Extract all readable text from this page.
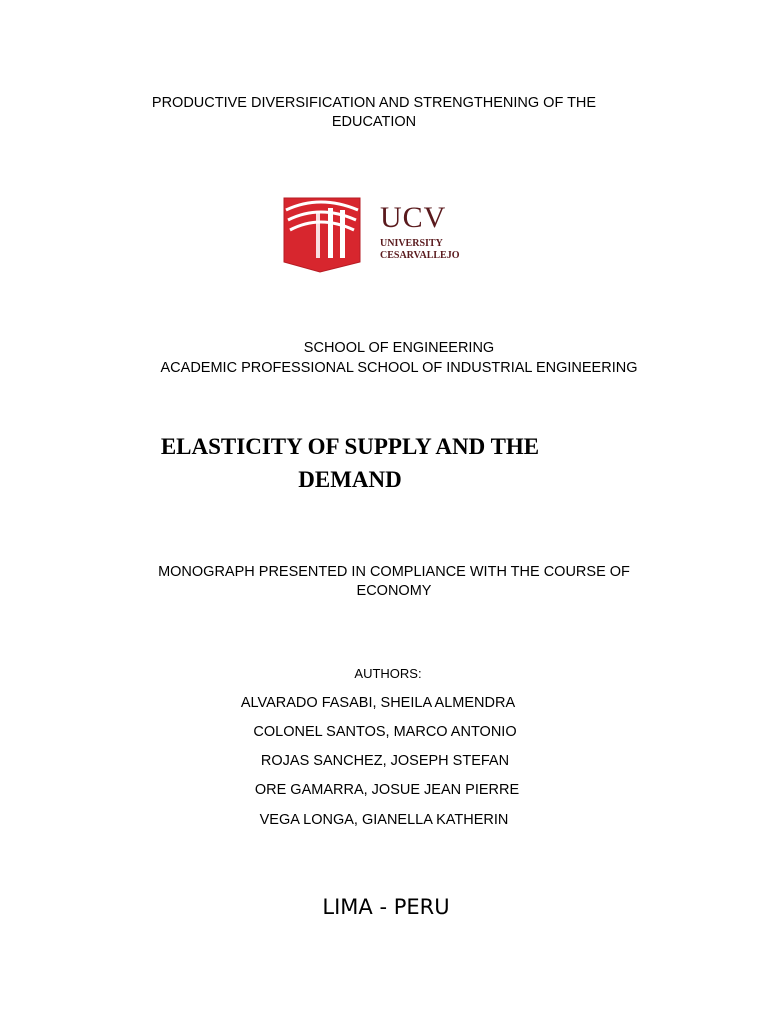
PRODUCTIVE DIVERSIFICATION AND STRENGTHENING OF THE
EDUCATION
UCV
UNIVERSITY
CESARVALLEJO
SCHOOL OF ENGINEERING
ACADEMIC PROFESSIONAL SCHOOL OF INDUSTRIAL ENGINEERING
ELASTICITY OF SUPPLY AND THE
DEMAND
MONOGRAPH PRESENTED IN COMPLIANCE WITH THE COURSE OF
ECONOMY
AUTHORS:
ALVARADO FASABI, SHEILA ALMENDRA
COLONEL SANTOS, MARCO ANTONIO
ROJAS SANCHEZ, JOSEPH STEFAN
ORE GAMARRA, JOSUE JEAN PIERRE
VEGA LONGA, GIANELLA KATHERIN
LIMA - PERU
